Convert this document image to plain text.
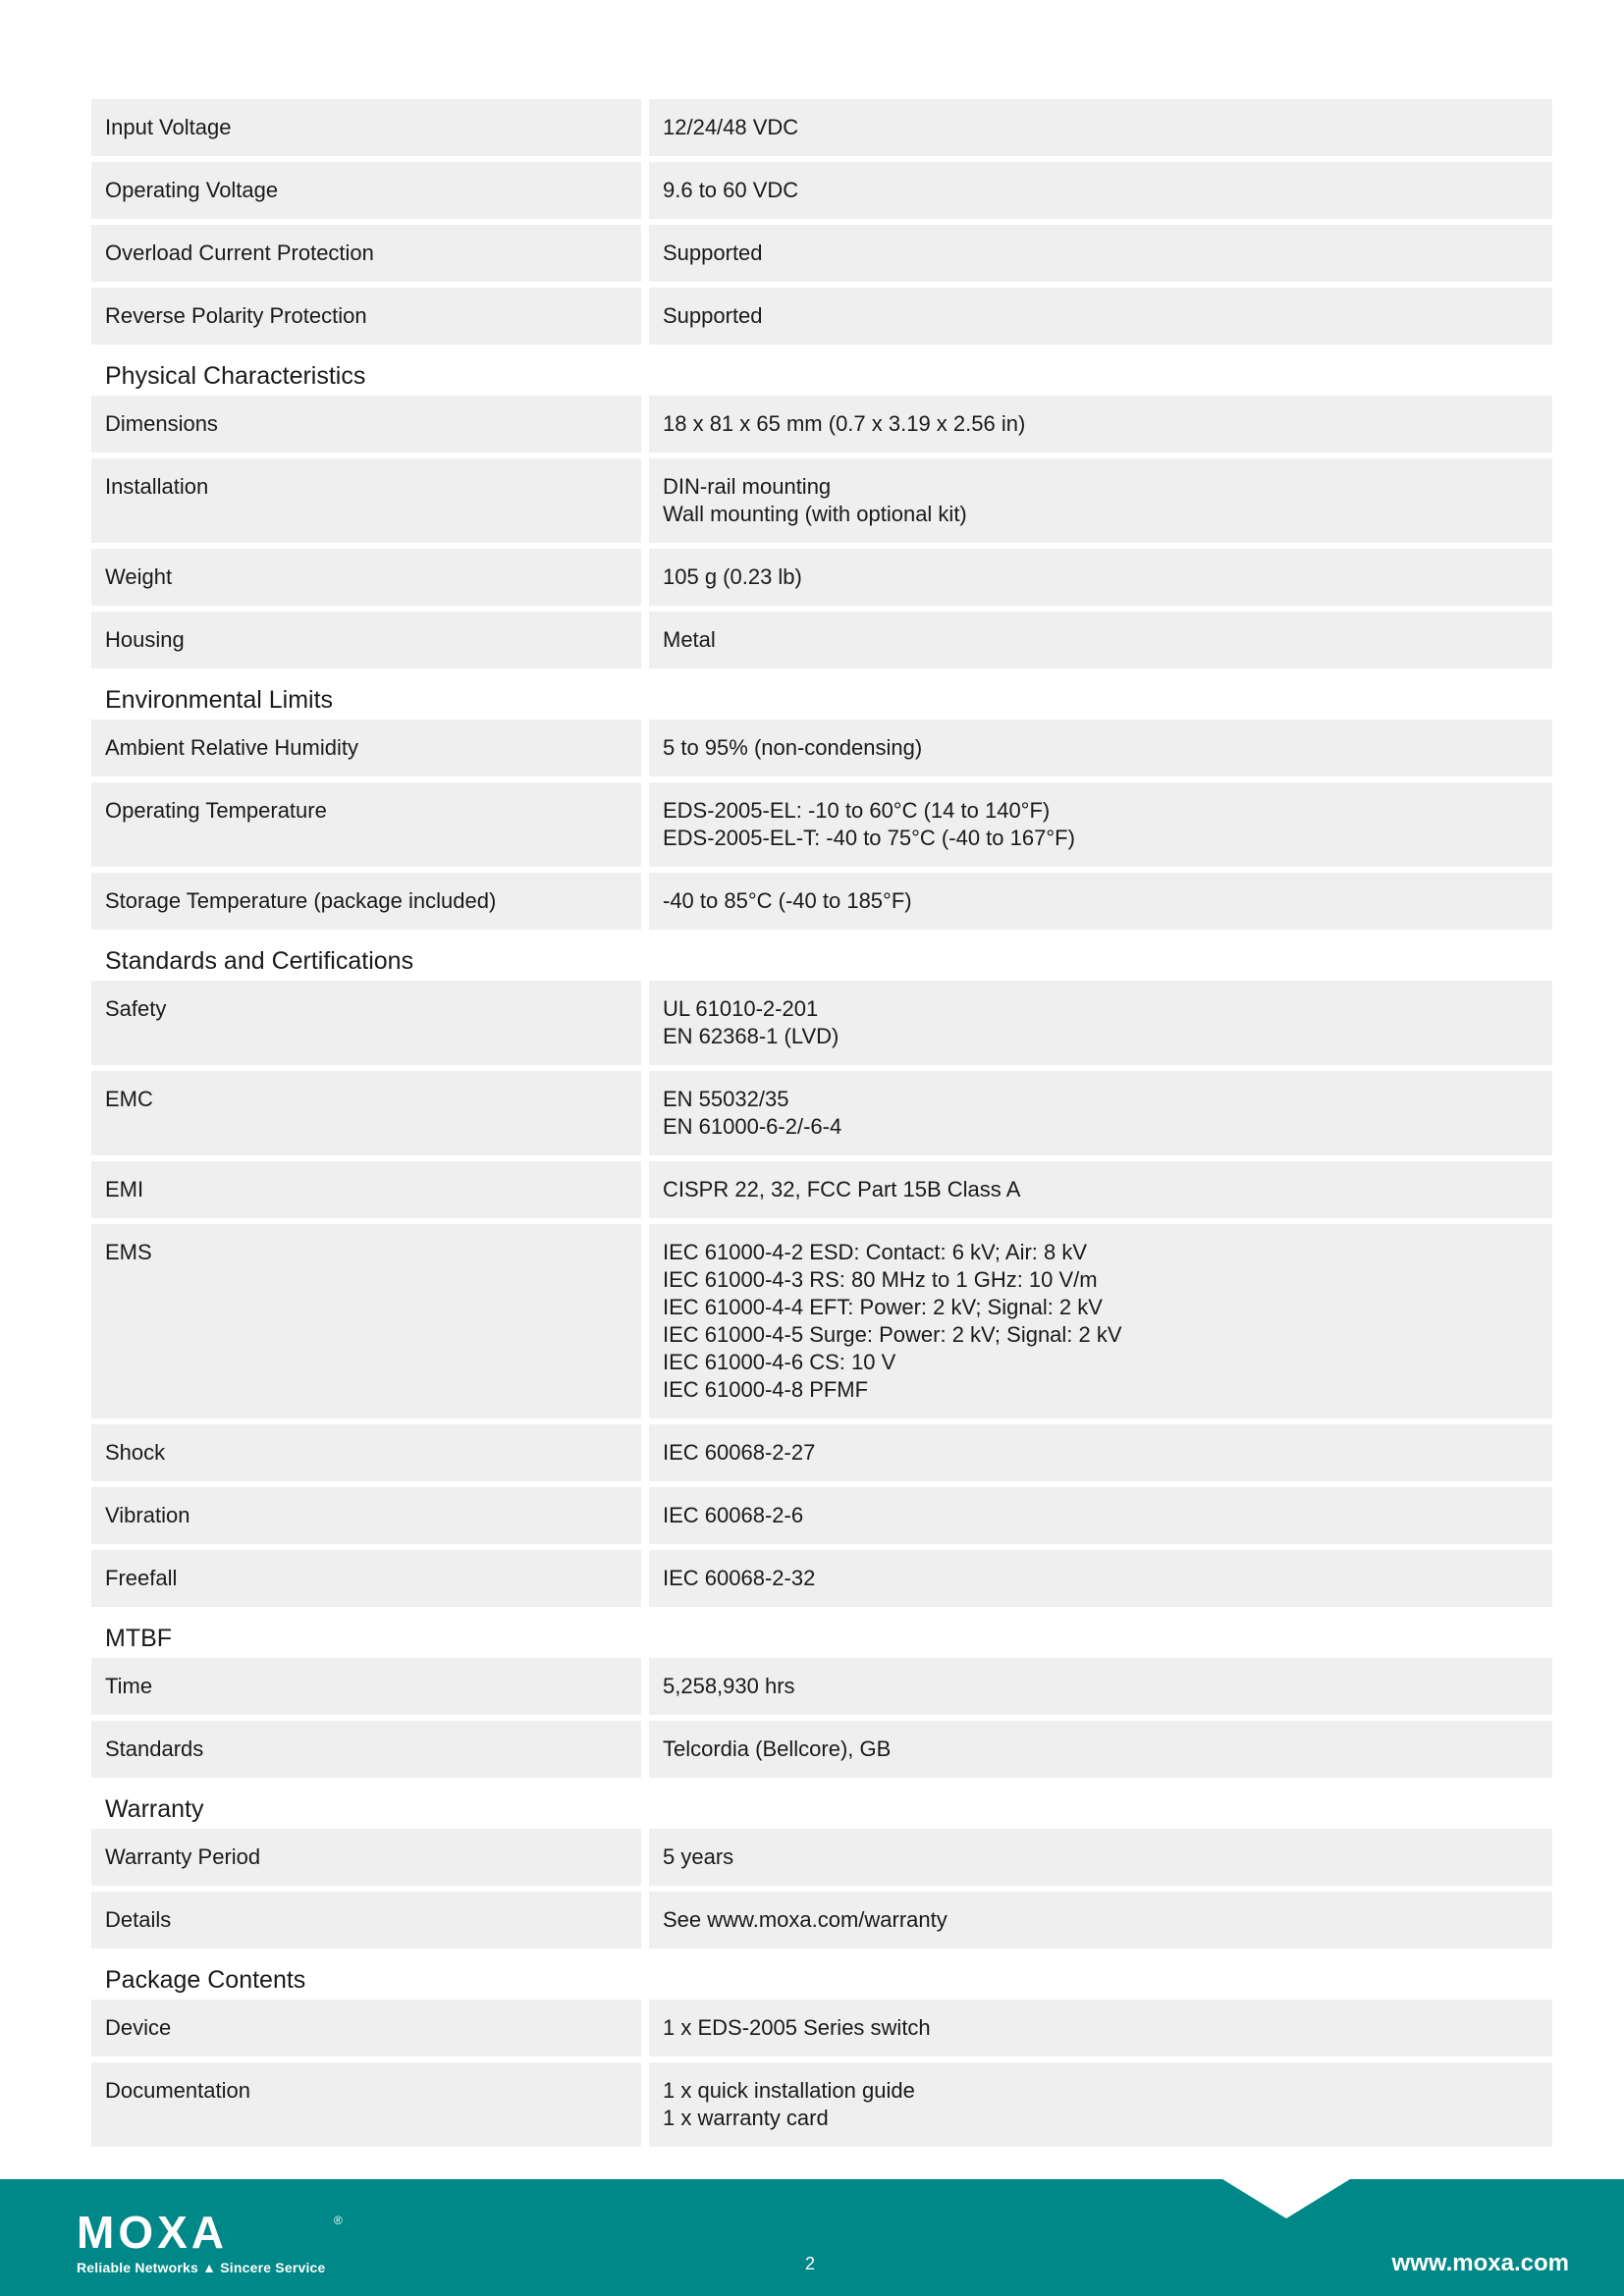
Input Voltage	12/24/48 VDC
Operating Voltage	9.6 to 60 VDC
Overload Current Protection	Supported
Reverse Polarity Protection	Supported
Physical Characteristics
Dimensions	18 x 81 x 65 mm (0.7 x 3.19 x 2.56 in)
Installation	DIN-rail mounting
Wall mounting (with optional kit)
Weight	105 g (0.23 lb)
Housing	Metal
Environmental Limits
Ambient Relative Humidity	5 to 95% (non-condensing)
Operating Temperature	EDS-2005-EL: -10 to 60°C (14 to 140°F)
EDS-2005-EL-T: -40 to 75°C (-40 to 167°F)
Storage Temperature (package included)	-40 to 85°C (-40 to 185°F)
Standards and Certifications
Safety	UL 61010-2-201
EN 62368-1 (LVD)
EMC	EN 55032/35
EN 61000-6-2/-6-4
EMI	CISPR 22, 32, FCC Part 15B Class A
EMS	IEC 61000-4-2 ESD: Contact: 6 kV; Air: 8 kV
IEC 61000-4-3 RS: 80 MHz to 1 GHz: 10 V/m
IEC 61000-4-4 EFT: Power: 2 kV; Signal: 2 kV
IEC 61000-4-5 Surge: Power: 2 kV; Signal: 2 kV
IEC 61000-4-6 CS: 10 V
IEC 61000-4-8 PFMF
Shock	IEC 60068-2-27
Vibration	IEC 60068-2-6
Freefall	IEC 60068-2-32
MTBF
Time	5,258,930 hrs
Standards	Telcordia (Bellcore), GB
Warranty
Warranty Period	5 years
Details	See www.moxa.com/warranty
Package Contents
Device	1 x EDS-2005 Series switch
Documentation	1 x quick installation guide
1 x warranty card
MOXA	®
Reliable Networks ▲ Sincere Service	2	www.moxa.com
